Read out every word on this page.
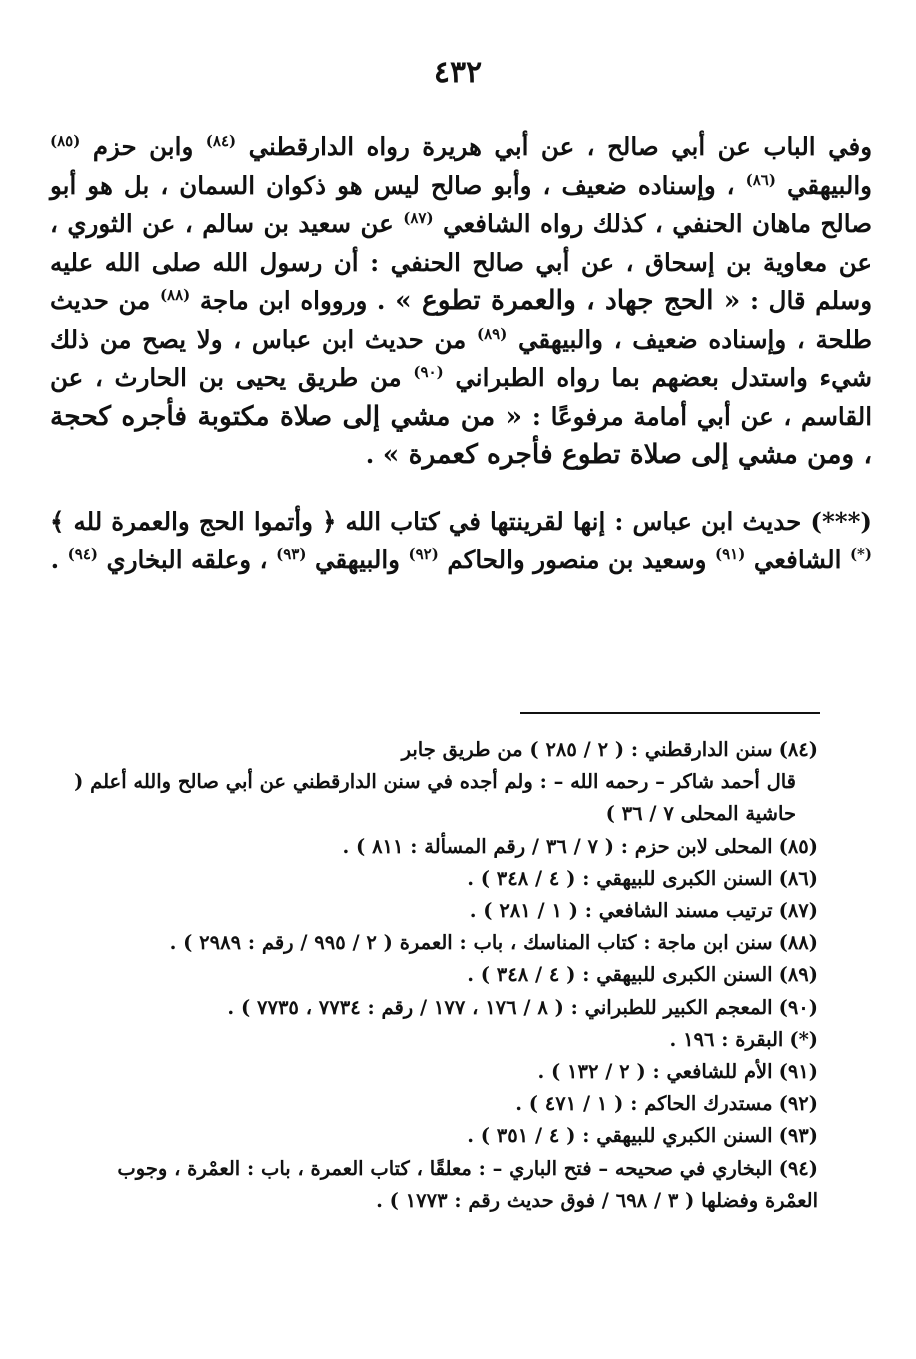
٤٣٢

وفي الباب عن أبي صالح ، عن أبي هريرة رواه الدارقطني $^{(٨٤)}$ وابن حزم $^{(٨٥)}$ والبيهقي $^{(٨٦)}$ ، وإسناده ضعيف ، وأبو صالح ليس هو ذكوان السمان ، بل هو أبو صالح ماهان الحنفي ، كذلك رواه الشافعي $^{(٨٧)}$ عن سعيد بن سالم ، عن الثوري ، عن معاوية بن إسحاق ، عن أبي صالح الحنفي : أن رسول الله صلى الله عليه وسلم قال : « الحج جهاد ، والعمرة تطوع » . وروواه ابن ماجة $^{(٨٨)}$ من حديث طلحة ، وإسناده ضعيف ، والبيهقي $^{(٨٩)}$ من حديث ابن عباس ، ولا يصح من ذلك شيء واستدل بعضهم بما رواه الطبراني $^{(٩٠)}$ من طريق يحيى بن الحارث ، عن القاسم ، عن أبي أمامة مرفوعًا : « من مشي إلى صلاة مكتوبة فأجره كحجة ، ومن مشي إلى صلاة تطوع فأجره كعمرة » .

(***) حديث ابن عباس : إنها لقرينتها في كتاب الله ﴿ وأتموا الحج والعمرة لله ﴾ (*) الشافعي $^{(٩١)}$ وسعيد بن منصور والحاكم $^{(٩٢)}$ والبيهقي $^{(٩٣)}$ ، وعلقه البخاري $^{(٩٤)}$ .

(٨٤)سنن الدارقطني : ( ٢ / ٢٨٥ ) من طريق جابر

قال أحمد شاكر – رحمه الله – : ولم أجده في سنن الدارقطني عن أبي صالح والله أعلم ( حاشية المحلى ٧ / ٣٦ )

(٨٥)المحلى لابن حزم : ( ٧ / ٣٦ / رقم المسألة : ٨١١ ) .

(٨٦)السنن الكبرى للبيهقي : ( ٤ / ٣٤٨ ) .

(٨٧)ترتيب مسند الشافعي : ( ١ / ٢٨١ ) .

(٨٨)سنن ابن ماجة : كتاب المناسك ، باب : العمرة ( ٢ / ٩٩٥ / رقم : ٢٩٨٩ ) .

(٨٩)السنن الكبرى للبيهقي : ( ٤ / ٣٤٨ ) .

(٩٠)المعجم الكبير للطبراني : ( ٨ / ١٧٦ ، ١٧٧ / رقم : ٧٧٣٤ ، ٧٧٣٥ ) .

(*)البقرة : ١٩٦ .

(٩١)الأم للشافعي : ( ٢ / ١٣٢ ) .

(٩٢)مستدرك الحاكم : ( ١ / ٤٧١ ) .

(٩٣)السنن الكبري للبيهقي : ( ٤ / ٣٥١ ) .

(٩٤)البخاري في صحيحه – فتح الباري – : معلقًا ، كتاب العمرة ، باب : العمْرة ، وجوب العمْرة وفضلها ( ٣ / ٦٩٨ / فوق حديث رقم : ١٧٧٣ ) .
